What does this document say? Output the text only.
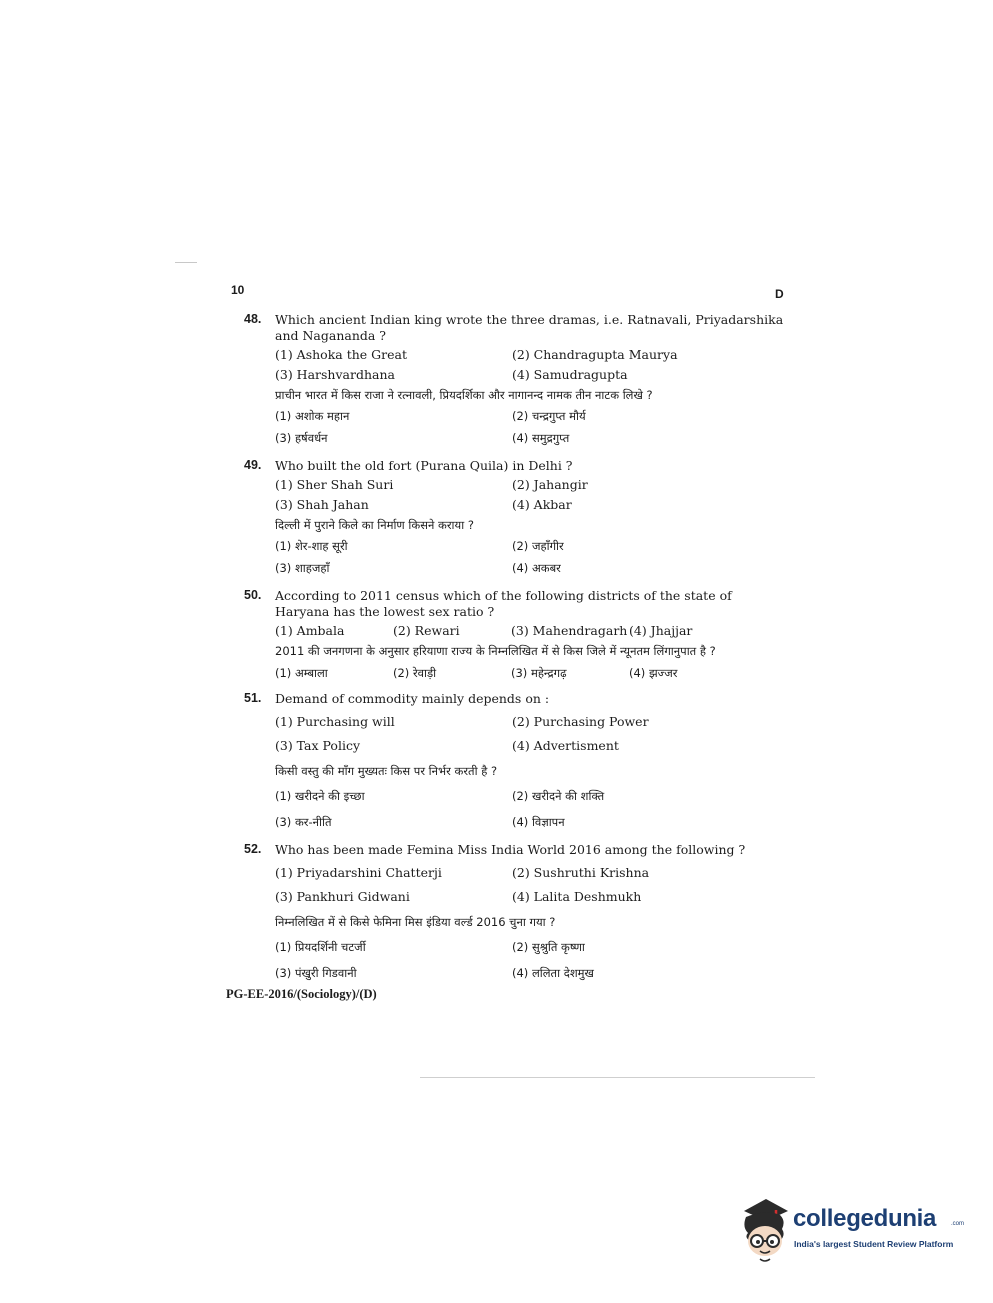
10	D
48. Which ancient Indian king wrote the three dramas, i.e. Ratnavali, Priyadarshika and Nagananda ?

(1) Ashoka the Great	(2) Chandragupta Maurya
(3) Harshvardhana	(4) Samudragupta
प्राचीन भारत में किस राजा ने रत्नावली, प्रियदर्शिका और नागानन्द नामक तीन नाटक लिखे ?
(1) अशोक महान	(2) चन्द्रगुप्त मौर्य
(3) हर्षवर्धन	(4) समुद्रगुप्त
49. Who built the old fort (Purana Quila) in Delhi ?

(1) Sher Shah Suri	(2) Jahangir
(3) Shah Jahan	(4) Akbar
दिल्ली में पुराने किले का निर्माण किसने कराया ?
(1) शेर-शाह सूरी	(2) जहाँगीर
(3) शाहजहाँ	(4) अकबर
50. According to 2011 census which of the following districts of the state of Haryana has the lowest sex ratio ?

(1) Ambala	(2) Rewari	(3) Mahendragarh (4) Jhajjar
2011 की जनगणना के अनुसार हरियाणा राज्य के निम्नलिखित में से किस जिले में न्यूनतम लिंगानुपात है ?
(1) अम्बाला	(2) रेवाड़ी	(3) महेन्द्रगढ़	(4) झज्जर
51. Demand of commodity mainly depends on :

(1) Purchasing will	(2) Purchasing Power
(3) Tax Policy	(4) Advertisment
किसी वस्तु की माँग मुख्यतः किस पर निर्भर करती है ?
(1) खरीदने की इच्छा	(2) खरीदने की शक्ति
(3) कर-नीति	(4) विज्ञापन
52. Who has been made Femina Miss India World 2016 among the following ?

(1) Priyadarshini Chatterji	(2) Sushruthi Krishna
(3) Pankhuri Gidwani	(4) Lalita Deshmukh
निम्नलिखित में से किसे फेमिना मिस इंडिया वर्ल्ड 2016 चुना गया ?
(1) प्रियदर्शिनी चटर्जी	(2) सुश्रुति कृष्णा
(3) पंखुरी गिडवानी	(4) ललिता देशमुख
PG-EE-2016/(Sociology)/(D)
collegedunia .com
India's largest Student Review Platform
